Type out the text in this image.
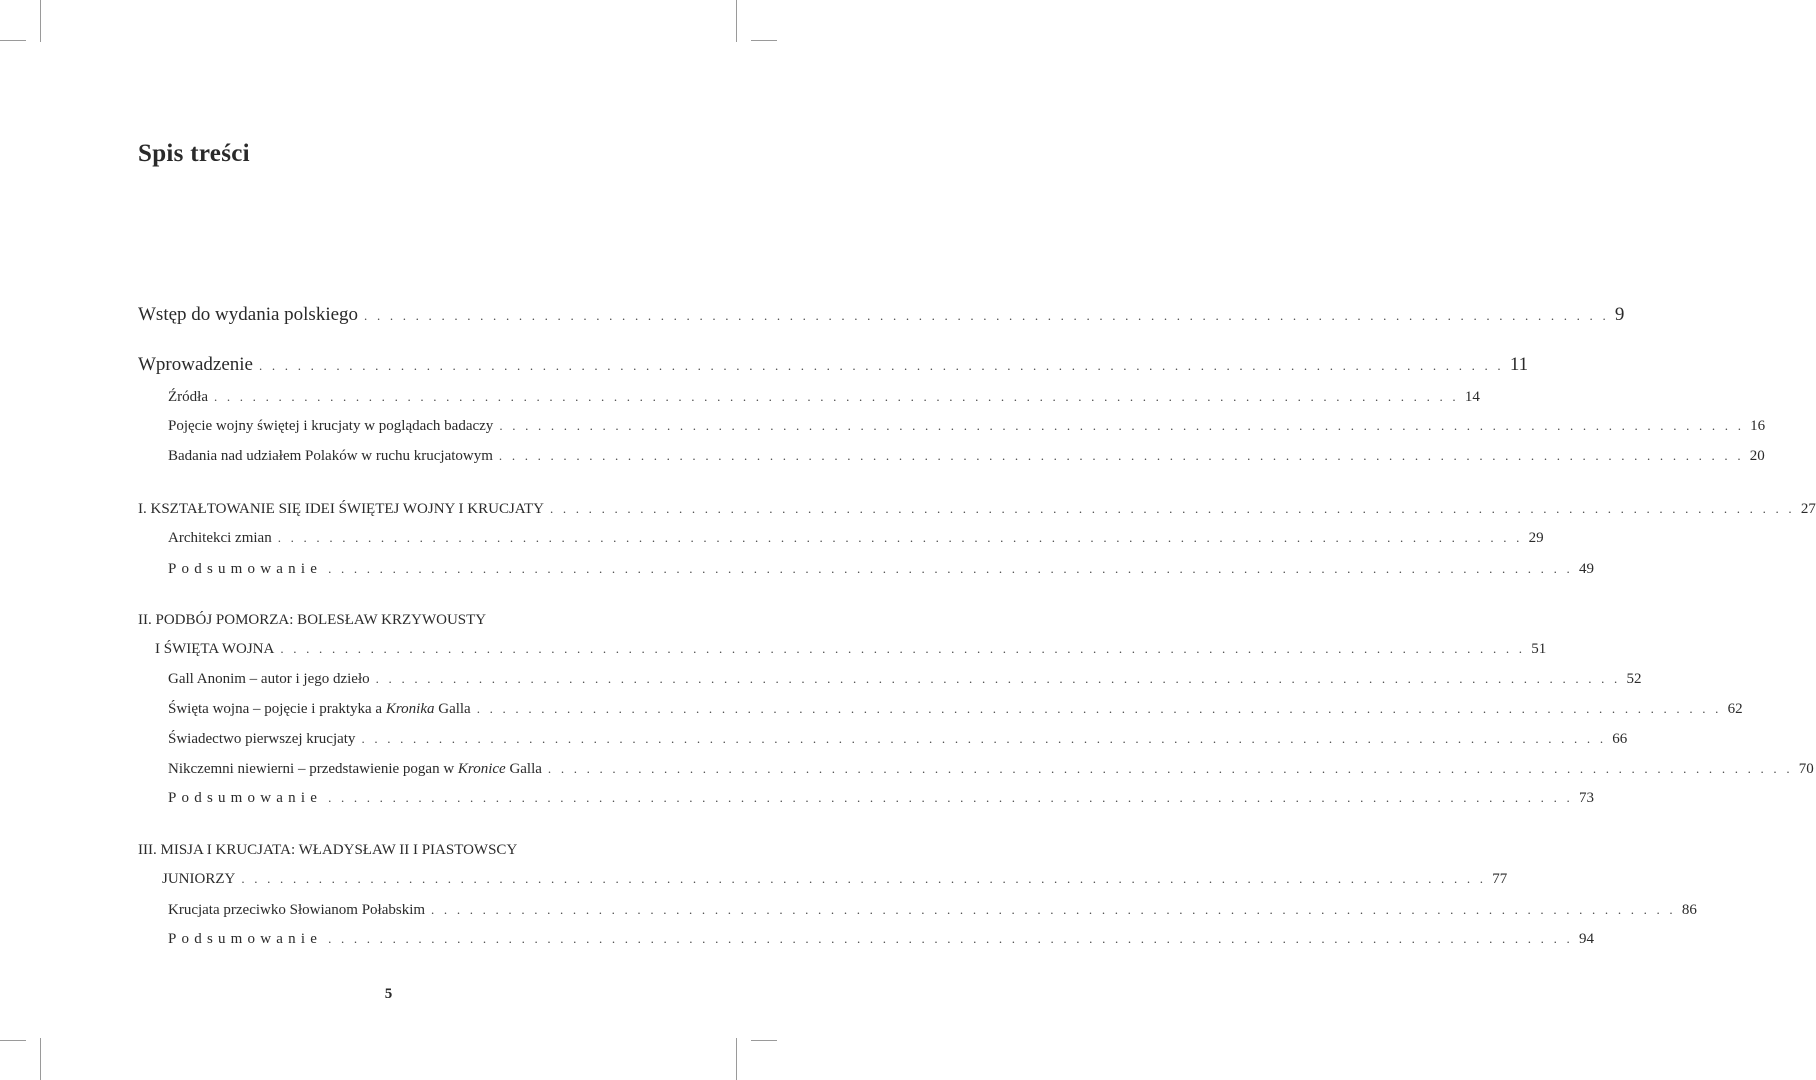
Spis treści
Wstęp do wydania polskiego . . . . . . . . . . . . . . . . . . . . . . . . . . . . . . . . . . . . . . . . . . . . . . . . . . . . . . . . . . . . . . . . . . . . . . . . . . . . . . . . . . . . . . . . . . . . . . . . . 9
Wprowadzenie . . . . . . . . . . . . . . . . . . . . . . . . . . . . . . . . . . . . . . . . . . . . . . . . . . . . . . . . . . . . . . . . . . . . . . . . . . . . . . . . . . . . . . . . . . . . . . . . . 11
Źródła . . . . . . . . . . . . . . . . . . . . . . . . . . . . . . . . . . . . . . . . . . . . . . . . . . . . . . . . . . . . . . . . . . . . . . . . . . . . . . . . . . . . . . . . . . . . . . . . . 14
Pojęcie wojny świętej i krucjaty w poglądach badaczy . . . . . . . . . . . . . . . . . . . . . . . . . . . . . . . . . . . . . . . . . . . . . . . . . . . . . . . . . . . . . . . . . . . . . . . . . . . . . . . . . . . . . . . . . . . . . . . . . 16
Badania nad udziałem Polaków w ruchu krucjatowym . . . . . . . . . . . . . . . . . . . . . . . . . . . . . . . . . . . . . . . . . . . . . . . . . . . . . . . . . . . . . . . . . . . . . . . . . . . . . . . . . . . . . . . . . . . . . . . . . 20
I. KSZTAŁTOWANIE SIĘ IDEI ŚWIĘTEJ WOJNY I KRUCJATY . . . . . . . . . . . . . . . . . . . . . . . . . . . . . . . . . . . . . . . . . . . . . . . . . . . . . . . . . . . . . . . . . . . . . . . . . . . . . . . . . . . . . . . . . . . . . . . . . 27
Architekci zmian . . . . . . . . . . . . . . . . . . . . . . . . . . . . . . . . . . . . . . . . . . . . . . . . . . . . . . . . . . . . . . . . . . . . . . . . . . . . . . . . . . . . . . . . . . . . . . . . . 29
Podsumowanie . . . . . . . . . . . . . . . . . . . . . . . . . . . . . . . . . . . . . . . . . . . . . . . . . . . . . . . . . . . . . . . . . . . . . . . . . . . . . . . . . . . . . . . . . . . . . . . . . 49
II. PODBÓJ POMORZA: BOLESŁAW KRZYWOUSTY
I ŚWIĘTA WOJNA . . . . . . . . . . . . . . . . . . . . . . . . . . . . . . . . . . . . . . . . . . . . . . . . . . . . . . . . . . . . . . . . . . . . . . . . . . . . . . . . . . . . . . . . . . . . . . . . . 51
Gall Anonim – autor i jego dzieło . . . . . . . . . . . . . . . . . . . . . . . . . . . . . . . . . . . . . . . . . . . . . . . . . . . . . . . . . . . . . . . . . . . . . . . . . . . . . . . . . . . . . . . . . . . . . . . . . 52
Święta wojna – pojęcie i praktyka a Kronika Galla . . . . . . . . . . . . . . . . . . . . . . . . . . . . . . . . . . . . . . . . . . . . . . . . . . . . . . . . . . . . . . . . . . . . . . . . . . . . . . . . . . . . . . . . . . . . . . . . . 62
Świadectwo pierwszej krucjaty . . . . . . . . . . . . . . . . . . . . . . . . . . . . . . . . . . . . . . . . . . . . . . . . . . . . . . . . . . . . . . . . . . . . . . . . . . . . . . . . . . . . . . . . . . . . . . . . . 66
Nikczemni niewierni – przedstawienie pogan w Kronice Galla . . . . . . . . . . . . . . . . . . . . . . . . . . . . . . . . . . . . . . . . . . . . . . . . . . . . . . . . . . . . . . . . . . . . . . . . . . . . . . . . . . . . . . . . . . . . . . . . . 70
Podsumowanie . . . . . . . . . . . . . . . . . . . . . . . . . . . . . . . . . . . . . . . . . . . . . . . . . . . . . . . . . . . . . . . . . . . . . . . . . . . . . . . . . . . . . . . . . . . . . . . . . 73
III. MISJA I KRUCJATA: WŁADYSŁAW II I PIASTOWSCY
JUNIORZY . . . . . . . . . . . . . . . . . . . . . . . . . . . . . . . . . . . . . . . . . . . . . . . . . . . . . . . . . . . . . . . . . . . . . . . . . . . . . . . . . . . . . . . . . . . . . . . . . 77
Krucjata przeciwko Słowianom Połabskim . . . . . . . . . . . . . . . . . . . . . . . . . . . . . . . . . . . . . . . . . . . . . . . . . . . . . . . . . . . . . . . . . . . . . . . . . . . . . . . . . . . . . . . . . . . . . . . . . 86
Podsumowanie . . . . . . . . . . . . . . . . . . . . . . . . . . . . . . . . . . . . . . . . . . . . . . . . . . . . . . . . . . . . . . . . . . . . . . . . . . . . . . . . . . . . . . . . . . . . . . . . . 94
5
